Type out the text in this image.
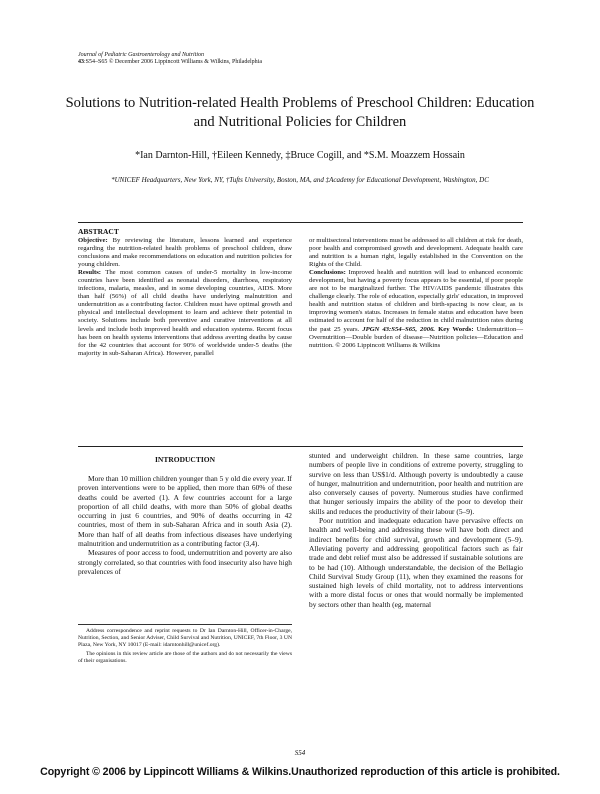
Journal of Pediatric Gastroenterology and Nutrition
43:S54–S65 © December 2006 Lippincott Williams & Wilkins, Philadelphia
Solutions to Nutrition-related Health Problems of Preschool Children: Education and Nutritional Policies for Children
*Ian Darnton-Hill, †Eileen Kennedy, ‡Bruce Cogill, and *S.M. Moazzem Hossain
*UNICEF Headquarters, New York, NY, †Tufts University, Boston, MA, and ‡Academy for Educational Development, Washington, DC
ABSTRACT

Objective: By reviewing the literature, lessons learned and experience regarding the nutrition-related health problems of preschool children, draw conclusions and make recommendations on education and nutrition policies for young children.

Results: The most common causes of under-5 mortality in low-income countries have been identified as neonatal disorders, diarrhoea, respiratory infections, malaria, measles, and in some developing countries, AIDS. More than half (56%) of all child deaths have underlying malnutrition and undernutrition as a contributing factor. Children must have optimal growth and physical and intellectual development to learn and achieve their potential in society. Solutions include both preventive and curative interventions at all levels and include both improved health and education systems. Recent focus has been on health systems interventions that address averting deaths by cause for the 42 countries that account for 90% of worldwide under-5 deaths (the majority in sub-Saharan Africa). However, parallel

or multisectoral interventions must be addressed to all children at risk for death, poor health and compromised growth and development. Adequate health care and nutrition is a human right, legally established in the Convention on the Rights of the Child.

Conclusions: Improved health and nutrition will lead to enhanced economic development, but having a poverty focus appears to be essential, if poor people are not to be marginalized further. The HIV/AIDS pandemic illustrates this challenge clearly. The role of education, especially girls' education, in improved health and nutrition status of children and birth-spacing is now clear, as is improving women's status. Increases in female status and education have been estimated to account for half of the reduction in child malnutrition rates during the past 25 years. JPGN 43:S54–S65, 2006. Key Words: Undernutrition—Overnutrition—Double burden of disease—Nutrition policies—Education and nutrition. © 2006 Lippincott Williams & Wilkins

INTRODUCTION

More than 10 million children younger than 5 y old die every year. If proven interventions were to be applied, then more than 60% of these deaths could be averted (1). A few countries account for a large proportion of all child deaths, with more than 50% of global deaths occurring in just 6 countries, and 90% of deaths occurring in 42 countries, most of them in sub-Saharan Africa and in south Asia (2). More than half of all deaths from infectious diseases have underlying malnutrition and undernutrition as a contributing factor (3,4).

Measures of poor access to food, undernutrition and poverty are also strongly correlated, so that countries with food insecurity also have high prevalences of

stunted and underweight children. In these same countries, large numbers of people live in conditions of extreme poverty, struggling to survive on less than US$1/d. Although poverty is undoubtedly a cause of hunger, malnutrition and undernutrition, poor health and nutrition are also conversely causes of poverty. Numerous studies have confirmed that hunger seriously impairs the ability of the poor to develop their skills and reduces the productivity of their labour (5–9).

Poor nutrition and inadequate education have pervasive effects on health and well-being and addressing these will have both direct and indirect benefits for child survival, growth and development (5–9). Alleviating poverty and addressing geopolitical factors such as fair trade and debt relief must also be addressed if sustainable solutions are to be had (10). Although understandable, the decision of the Bellagio Child Survival Study Group (11), when they examined the reasons for sustained high levels of child mortality, not to address interventions with a more distal focus or ones that would normally be implemented by sectors other than health (eg, maternal

Address correspondence and reprint requests to Dr Ian Darnton-Hill, Officer-in-Charge, Nutrition, Section, and Senior Adviser, Child Survival and Nutrition, UNICEF, 7th Floor, 3 UN Plaza, New York, NY 10017 (E-mail: idarntonhill@unicef.org).

The opinions in this review article are those of the authors and do not necessarily the views of their organisations.

S54
Copyright © 2006 by Lippincott Williams & Wilkins.Unauthorized reproduction of this article is prohibited.
